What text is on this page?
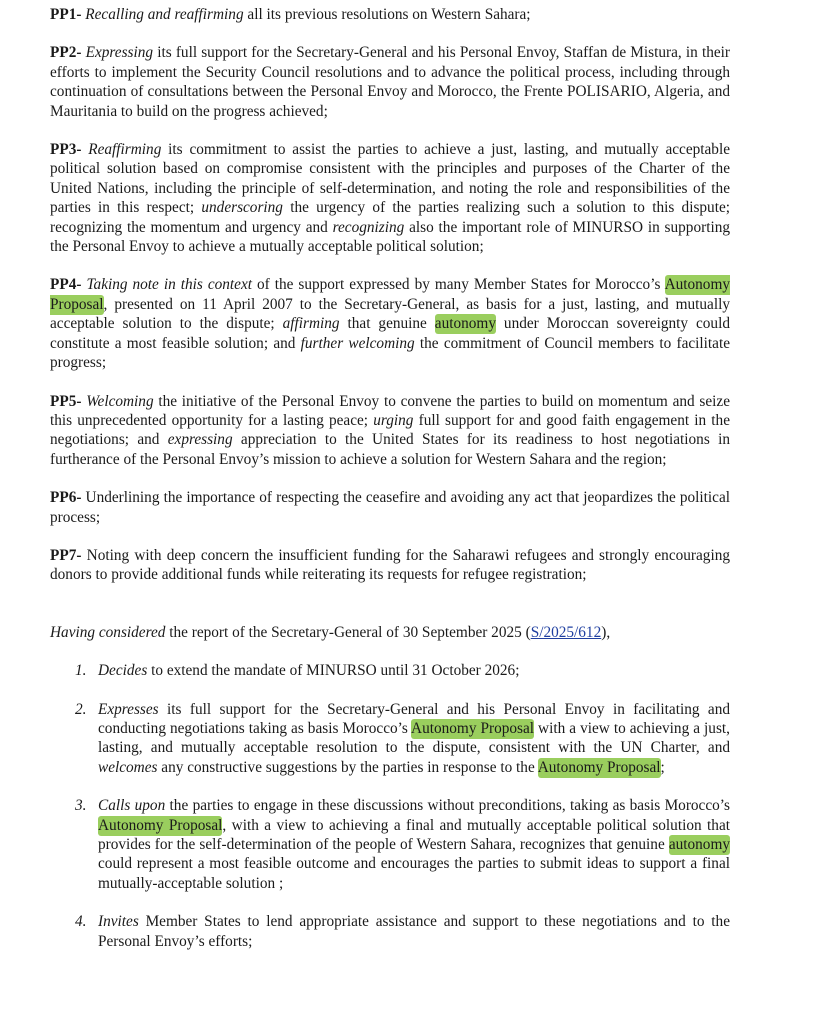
PP1- Recalling and reaffirming all its previous resolutions on Western Sahara;

PP2- Expressing its full support for the Secretary-General and his Personal Envoy, Staffan de Mistura, in their efforts to implement the Security Council resolutions and to advance the political process, including through continuation of consultations between the Personal Envoy and Morocco, the Frente POLISARIO, Algeria, and Mauritania to build on the progress achieved;

PP3- Reaffirming its commitment to assist the parties to achieve a just, lasting, and mutually acceptable political solution based on compromise consistent with the principles and purposes of the Charter of the United Nations, including the principle of self-determination, and noting the role and responsibilities of the parties in this respect; underscoring the urgency of the parties realizing such a solution to this dispute; recognizing the momentum and urgency and recognizing also the important role of MINURSO in supporting the Personal Envoy to achieve a mutually acceptable political solution;

PP4- Taking note in this context of the support expressed by many Member States for Morocco’s Autonomy Proposal, presented on 11 April 2007 to the Secretary-General, as basis for a just, lasting, and mutually acceptable solution to the dispute; affirming that genuine autonomy under Moroccan sovereignty could constitute a most feasible solution; and further welcoming the commitment of Council members to facilitate progress;

PP5- Welcoming the initiative of the Personal Envoy to convene the parties to build on momentum and seize this unprecedented opportunity for a lasting peace; urging full support for and good faith engagement in the negotiations; and expressing appreciation to the United States for its readiness to host negotiations in furtherance of the Personal Envoy’s mission to achieve a solution for Western Sahara and the region;

PP6- Underlining the importance of respecting the ceasefire and avoiding any act that jeopardizes the political process;

PP7- Noting with deep concern the insufficient funding for the Saharawi refugees and strongly encouraging donors to provide additional funds while reiterating its requests for refugee registration;

Having considered the report of the Secretary-General of 30 September 2025 (S/2025/612),

1. Decides to extend the mandate of MINURSO until 31 October 2026;

2. Expresses its full support for the Secretary-General and his Personal Envoy in facilitating and conducting negotiations taking as basis Morocco’s Autonomy Proposal with a view to achieving a just, lasting, and mutually acceptable resolution to the dispute, consistent with the UN Charter, and welcomes any constructive suggestions by the parties in response to the Autonomy Proposal;

3. Calls upon the parties to engage in these discussions without preconditions, taking as basis Morocco’s Autonomy Proposal, with a view to achieving a final and mutually acceptable political solution that provides for the self-determination of the people of Western Sahara, recognizes that genuine autonomy could represent a most feasible outcome and encourages the parties to submit ideas to support a final mutually-acceptable solution ;

4. Invites Member States to lend appropriate assistance and support to these negotiations and to the Personal Envoy’s efforts;
